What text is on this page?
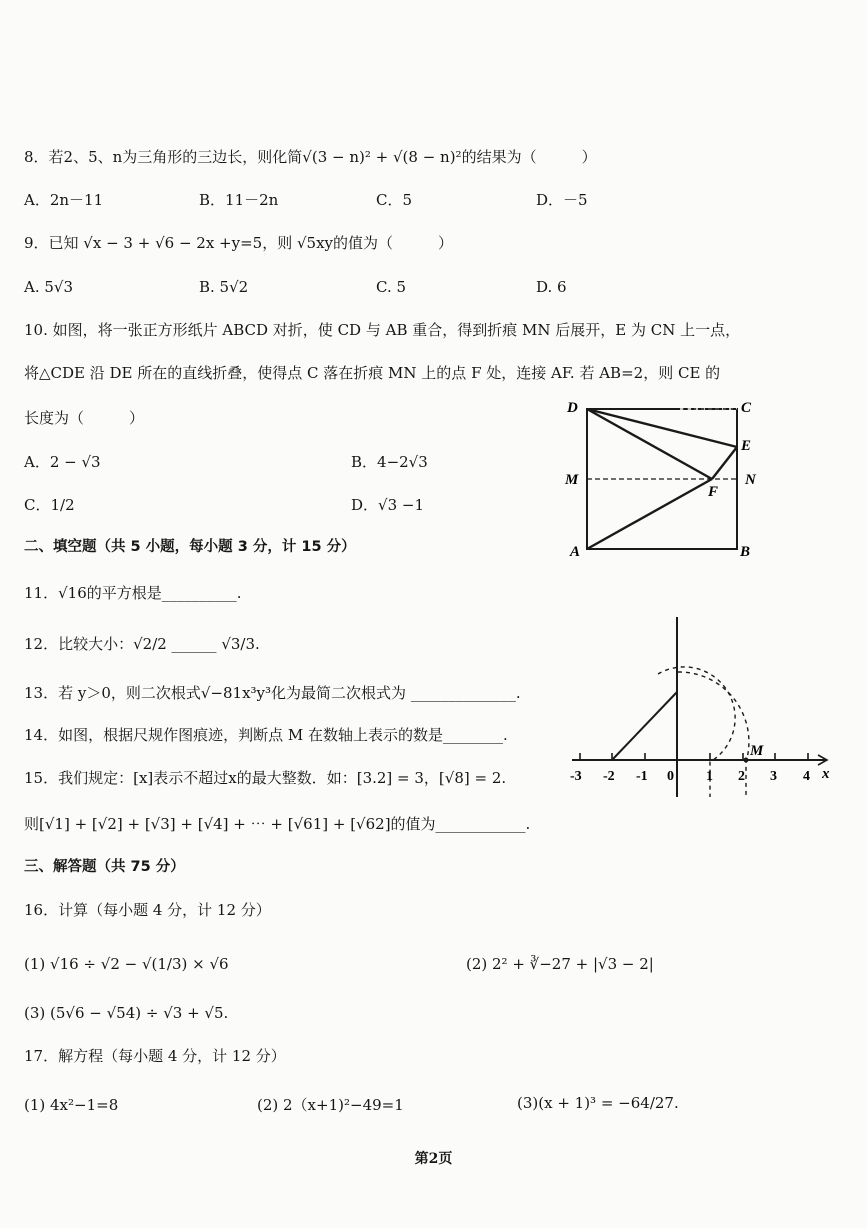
8．若2、5、n为三角形的三边长，则化简√(3 − n)² + √(8 − n)²的结果为（　　　）
A．2n－11	B．11－2n	C．5	D．－5
9．已知 √x − 3 + √6 − 2x +y=5，则 √5xy的值为（　　　）
A. 5√3	B. 5√2	C. 5	D. 6
10. 如图，将一张正方形纸片 ABCD 对折，使 CD 与 AB 重合，得到折痕 MN 后展开，E 为 CN 上一点，
将△CDE 沿 DE 所在的直线折叠，使得点 C 落在折痕 MN 上的点 F 处，连接 AF. 若 AB=2，则 CE 的
长度为（　　　）
A．2 − √3	B．4−2√3
C．1/2	D．√3 −1
D	C
E
M	N
F
A	B
二、填空题（共 5 小题，每小题 3 分，计 15 分）
11．√16的平方根是__________.
12．比较大小：√2/2 ______ √3/3.
13．若 y＞0，则二次根式√−81x³y³化为最简二次根式为 ______________.
14．如图，根据尺规作图痕迹，判断点 M 在数轴上表示的数是________.
15．我们规定：[x]表示不超过x的最大整数．如：[3.2] = 3，[√8] = 2.
则[√1] + [√2] + [√3] + [√4] + ⋯ + [√61] + [√62]的值为____________.
-3 -2 -1 0 1 2 3 4 x
M
三、解答题（共 75 分）
16．计算（每小题 4 分，计 12 分）
(1) √16 ÷ √2 − √(1/3) × √6	(2) 2² + ∛−27 + |√3 − 2|
(3) (5√6 − √54) ÷ √3 + √5.
17．解方程（每小题 4 分，计 12 分）
(1) 4x²−1=8	(2) 2（x+1)²−49=1	(3)(x + 1)³ = −64/27.
第2页
